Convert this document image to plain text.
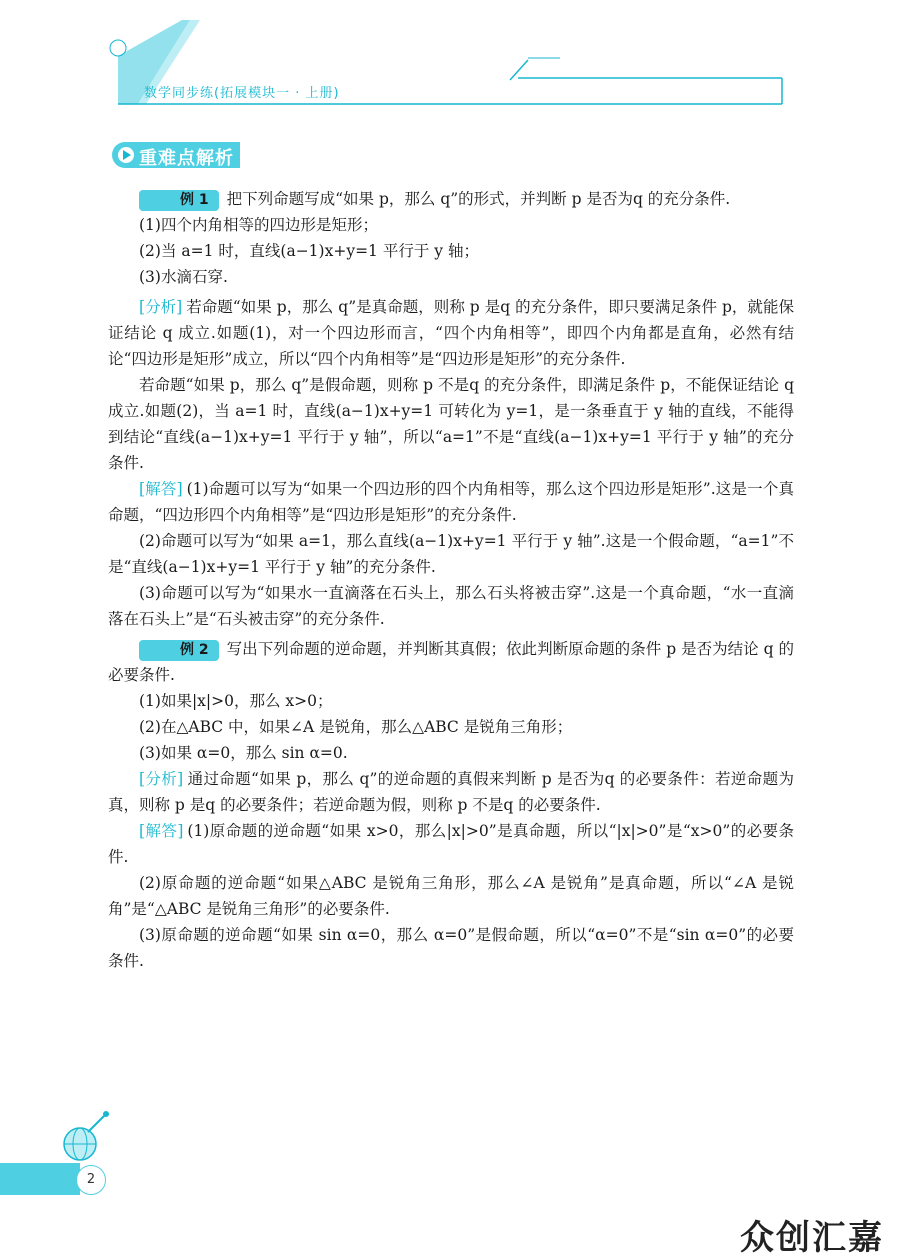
数学同步练(拓展模块一 · 上册)
重难点解析

例 1 把下列命题写成“如果 p，那么 q”的形式，并判断 p 是否为q 的充分条件.

(1)四个内角相等的四边形是矩形；

(2)当 a=1 时，直线(a−1)x+y=1 平行于 y 轴；

(3)水滴石穿.

[分析] 若命题“如果 p，那么 q”是真命题，则称 p 是q 的充分条件，即只要满足条件 p，就能保证结论 q 成立.如题(1)，对一个四边形而言，“四个内角相等”，即四个内角都是直角，必然有结论“四边形是矩形”成立，所以“四个内角相等”是“四边形是矩形”的充分条件.

若命题“如果 p，那么 q”是假命题，则称 p 不是q 的充分条件，即满足条件 p，不能保证结论 q 成立.如题(2)，当 a=1 时，直线(a−1)x+y=1 可转化为 y=1，是一条垂直于 y 轴的直线，不能得到结论“直线(a−1)x+y=1 平行于 y 轴”，所以“a=1”不是“直线(a−1)x+y=1 平行于 y 轴”的充分条件.

[解答] (1)命题可以写为“如果一个四边形的四个内角相等，那么这个四边形是矩形”.这是一个真命题，“四边形四个内角相等”是“四边形是矩形”的充分条件.

(2)命题可以写为“如果 a=1，那么直线(a−1)x+y=1 平行于 y 轴”.这是一个假命题，“a=1”不是“直线(a−1)x+y=1 平行于 y 轴”的充分条件.

(3)命题可以写为“如果水一直滴落在石头上，那么石头将被击穿”.这是一个真命题，“水一直滴落在石头上”是“石头被击穿”的充分条件.

例 2 写出下列命题的逆命题，并判断其真假；依此判断原命题的条件 p 是否为结论 q 的必要条件.

(1)如果|x|>0，那么 x>0；

(2)在△ABC 中，如果∠A 是锐角，那么△ABC 是锐角三角形；

(3)如果 α=0，那么 sin α=0.

[分析] 通过命题“如果 p，那么 q”的逆命题的真假来判断 p 是否为q 的必要条件：若逆命题为真，则称 p 是q 的必要条件；若逆命题为假，则称 p 不是q 的必要条件.

[解答] (1)原命题的逆命题“如果 x>0，那么|x|>0”是真命题，所以“|x|>0”是“x>0”的必要条件.

(2)原命题的逆命题“如果△ABC 是锐角三角形，那么∠A 是锐角”是真命题，所以“∠A 是锐角”是“△ABC 是锐角三角形”的必要条件.

(3)原命题的逆命题“如果 sin α=0，那么 α=0”是假命题，所以“α=0”不是“sin α=0”的必要条件.

2
众创汇嘉
